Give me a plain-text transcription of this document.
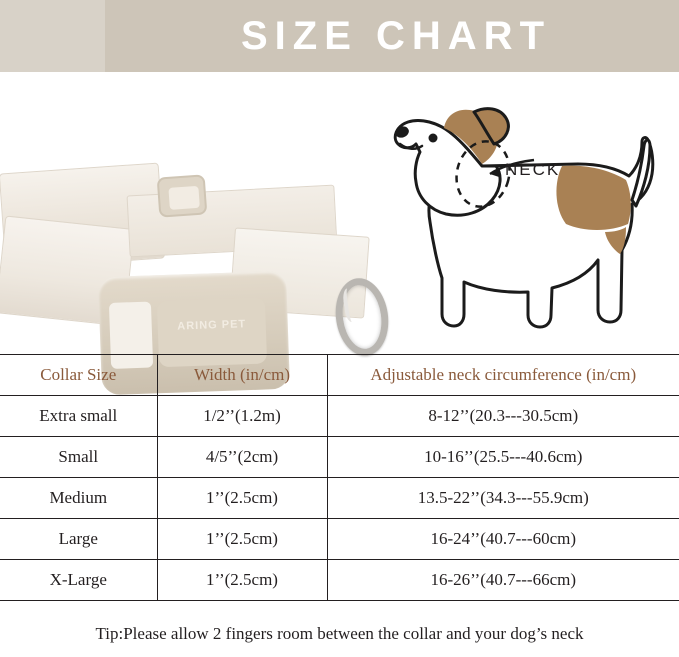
SIZE CHART
ARING PET
NECK
Collar Size	Width (in/cm)	Adjustable neck circumference (in/cm)
Extra small	1/2’’(1.2m)	8-12’’(20.3---30.5cm)
Small	4/5’’(2cm)	10-16’’(25.5---40.6cm)
Medium	1’’(2.5cm)	13.5-22’’(34.3---55.9cm)
Large	1’’(2.5cm)	16-24’’(40.7---60cm)
X-Large	1’’(2.5cm)	16-26’’(40.7---66cm)
Tip:Please allow 2 fingers room between the collar and your dog’s neck
